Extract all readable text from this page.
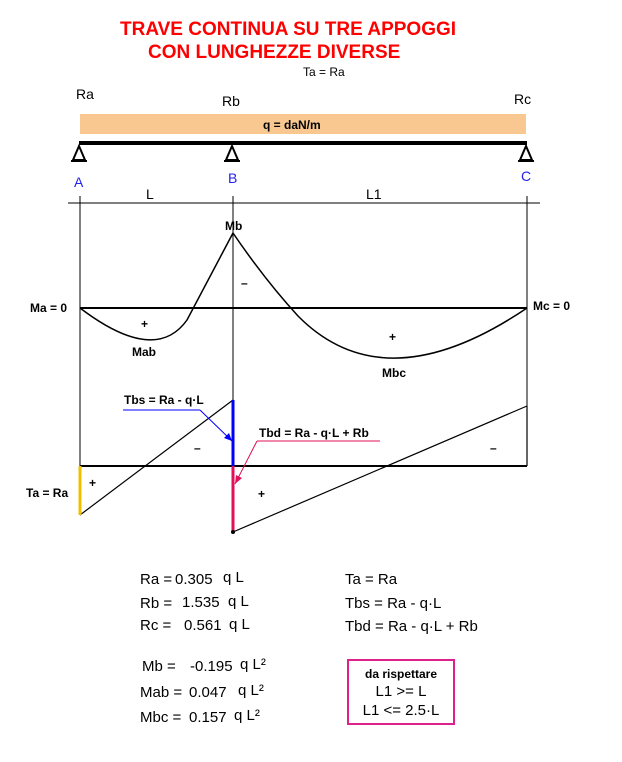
TRAVE CONTINUA SU TRE APPOGGI
CON LUNGHEZZE DIVERSE
Ta = Ra
Ra	Rb	Rc
q = daN/m
A	B	C
L	L1
Mb
Ma = 0	Mc = 0
+
Mab
–
+
Mbc
Tbs = Ra - q·L
Tbd = Ra - q·L + Rb
Ta = Ra
+
–
+
–
Ra = 0.305 q L
Rb = 1.535 q L
Rc = 0.561 q L
Mb = -0.195 q L²
Mab = 0.047 q L²
Mbc = 0.157 q L²
Ta = Ra
Tbs = Ra - q·L
Tbd = Ra - q·L + Rb
da rispettare
L1 >= L
L1 <= 2.5·L
